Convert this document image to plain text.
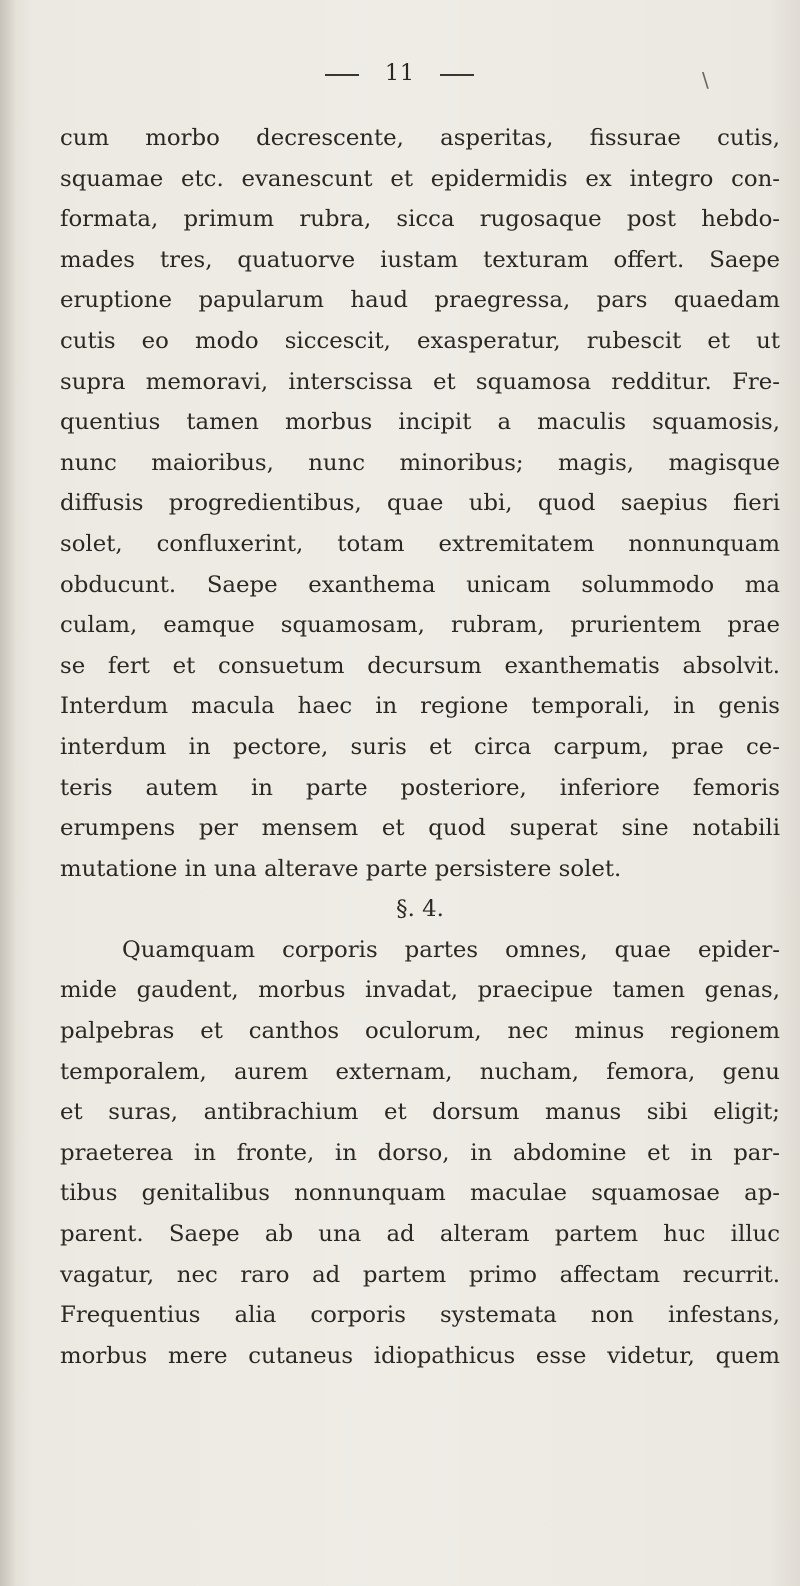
11	\
cum morbo decrescente, asperitas, fissurae cutis,
squamae etc. evanescunt et epidermidis ex integro con-
formata, primum rubra, sicca rugosaque post hebdo-
mades tres, quatuorve iustam texturam offert. Saepe
eruptione papularum haud praegressa, pars quaedam
cutis eo modo siccescit, exasperatur, rubescit et ut
supra memoravi, interscissa et squamosa redditur. Fre-
quentius tamen morbus incipit a maculis squamosis,
nunc maioribus, nunc minoribus; magis, magisque
diffusis progredientibus, quae ubi, quod saepius fieri
solet, confluxerint, totam extremitatem nonnunquam
obducunt. Saepe exanthema unicam solummodo ma
culam, eamque squamosam, rubram, prurientem prae
se fert et consuetum decursum exanthematis absolvit.
Interdum macula haec in regione temporali, in genis
interdum in pectore, suris et circa carpum, prae ce-
teris autem in parte posteriore, inferiore femoris
erumpens per mensem et quod superat sine notabili
mutatione in una alterave parte persistere solet.
§. 4.
Quamquam corporis partes omnes, quae epider-
mide gaudent, morbus invadat, praecipue tamen genas,
palpebras et canthos oculorum, nec minus regionem
temporalem, aurem externam, nucham, femora, genu
et suras, antibrachium et dorsum manus sibi eligit;
praeterea in fronte, in dorso, in abdomine et in par-
tibus genitalibus nonnunquam maculae squamosae ap-
parent. Saepe ab una ad alteram partem huc illuc
vagatur, nec raro ad partem primo affectam recurrit.
Frequentius alia corporis systemata non infestans,
morbus mere cutaneus idiopathicus esse videtur, quem
